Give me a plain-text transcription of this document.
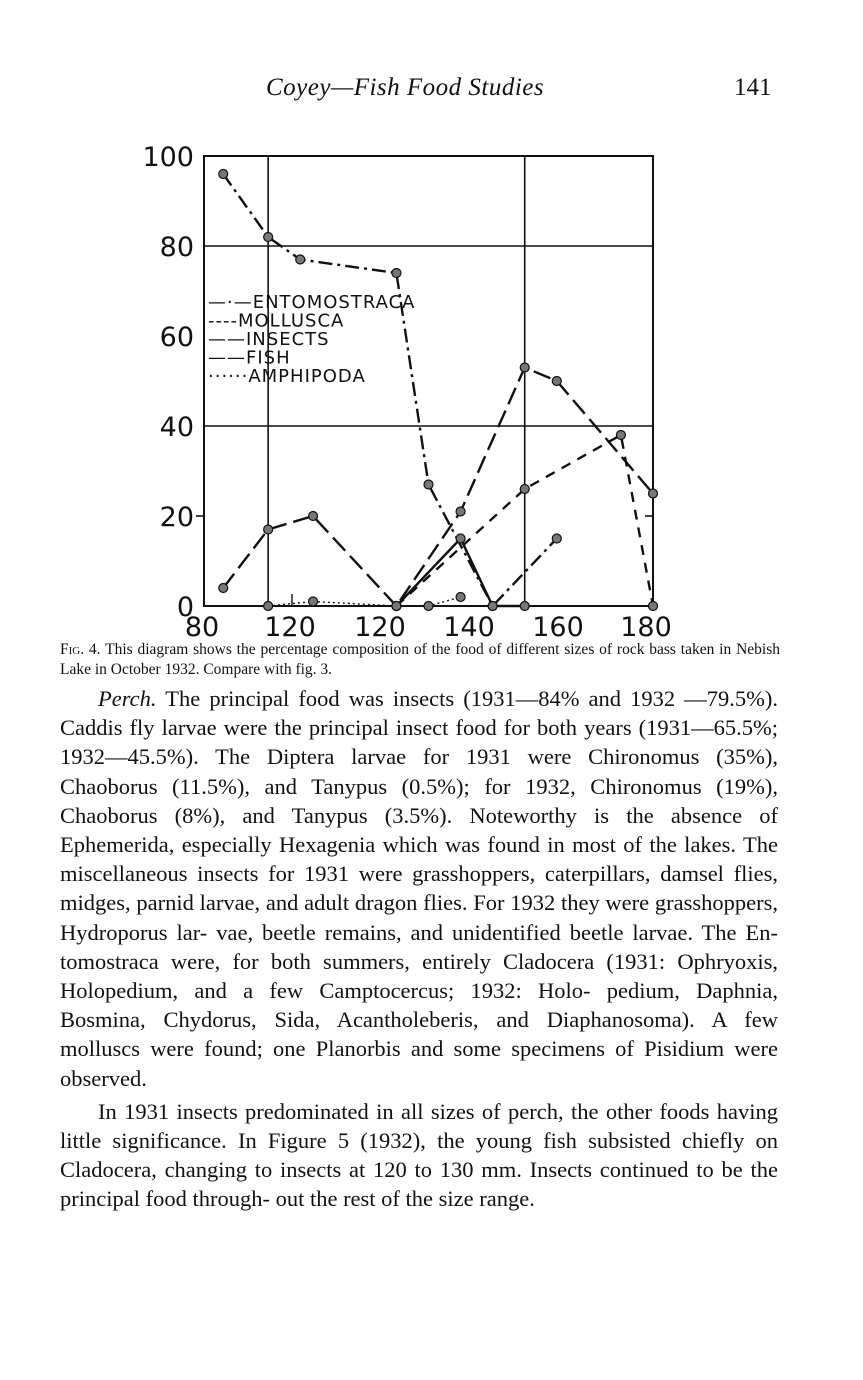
Coyey—Fish Food Studies	141
100
80
60
40
20
0
80 120 120 140 160 180
—·—ENTOMOSTRACA
----MOLLUSCA
——INSECTS
——FISH
······AMPHIPODA
Fig. 4. This diagram shows the percentage composition of the food of different sizes of rock bass taken in Nebish Lake in October 1932. Compare with fig. 3.

Perch. The principal food was insects (1931—84% and 1932 —79.5%). Caddis fly larvae were the principal insect food for both years (1931—65.5%; 1932—45.5%). The Diptera larvae for 1931 were Chironomus (35%), Chaoborus (11.5%), and Tanypus (0.5%); for 1932, Chironomus (19%), Chaoborus (8%), and Tanypus (3.5%). Noteworthy is the absence of Ephemerida, especially Hexagenia which was found in most of the lakes. The miscellaneous insects for 1931 were grasshoppers, caterpillars, damsel flies, midges, parnid larvae, and adult dragon flies. For 1932 they were grasshoppers, Hydroporus lar- vae, beetle remains, and unidentified beetle larvae. The En- tomostraca were, for both summers, entirely Cladocera (1931: Ophryoxis, Holopedium, and a few Camptocercus; 1932: Holo- pedium, Daphnia, Bosmina, Chydorus, Sida, Acantholeberis, and Diaphanosoma). A few molluscs were found; one Planorbis and some specimens of Pisidium were observed.

In 1931 insects predominated in all sizes of perch, the other foods having little significance. In Figure 5 (1932), the young fish subsisted chiefly on Cladocera, changing to insects at 120 to 130 mm. Insects continued to be the principal food through- out the rest of the size range.
